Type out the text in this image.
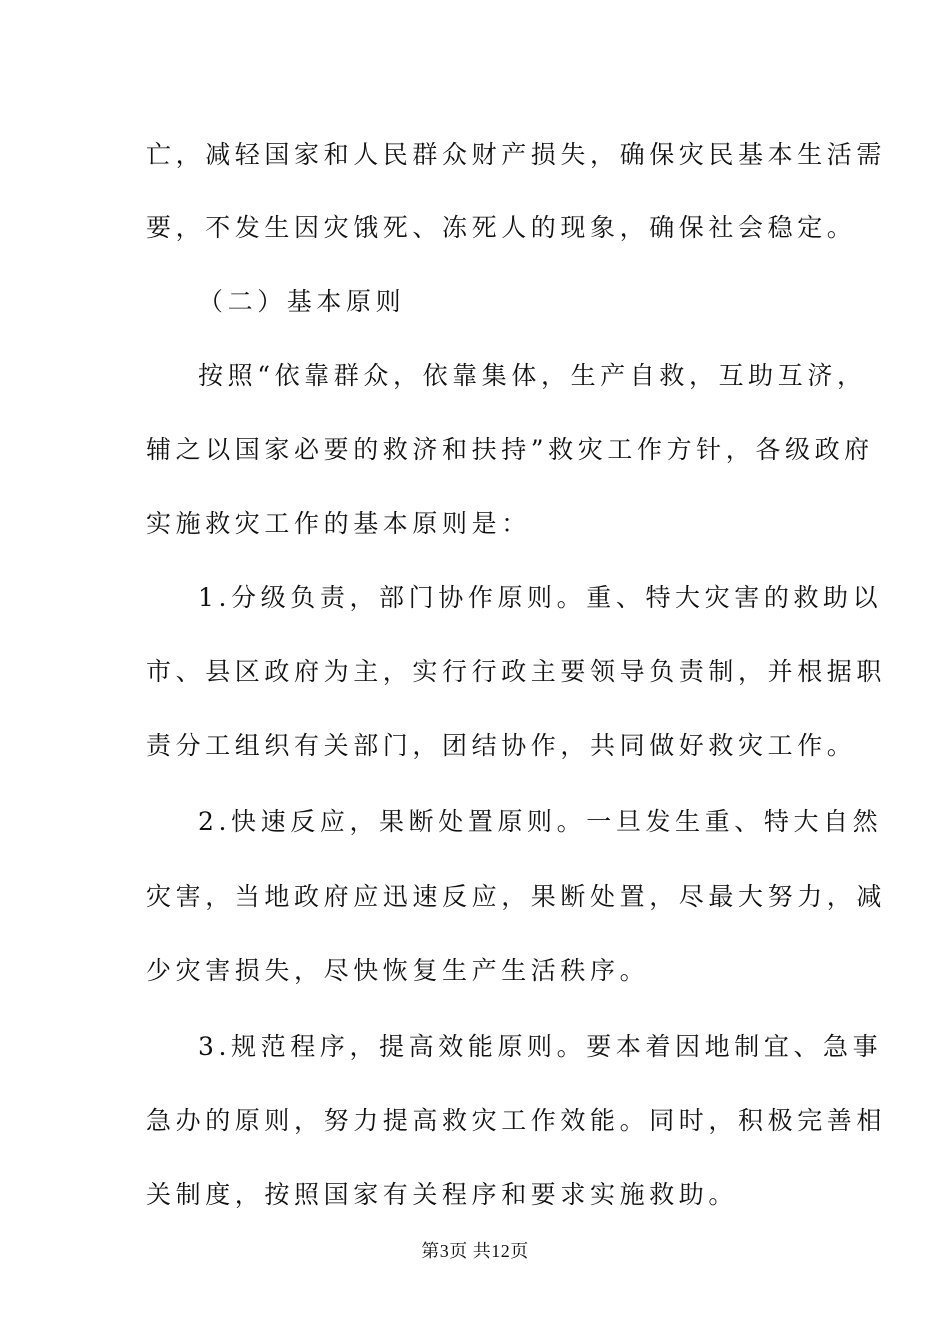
亡，减轻国家和人民群众财产损失，确保灾民基本生活需
要，不发生因灾饿死、冻死人的现象，确保社会稳定。
（二）基本原则
按照“依靠群众，依靠集体，生产自救，互助互济，
辅之以国家必要的救济和扶持”救灾工作方针，各级政府
实施救灾工作的基本原则是：
1.分级负责，部门协作原则。重、特大灾害的救助以
市、县区政府为主，实行行政主要领导负责制，并根据职
责分工组织有关部门，团结协作，共同做好救灾工作。
2.快速反应，果断处置原则。一旦发生重、特大自然
灾害，当地政府应迅速反应，果断处置，尽最大努力，减
少灾害损失，尽快恢复生产生活秩序。
3.规范程序，提高效能原则。要本着因地制宜、急事
急办的原则，努力提高救灾工作效能。同时，积极完善相
关制度，按照国家有关程序和要求实施救助。
第3页 共12页
